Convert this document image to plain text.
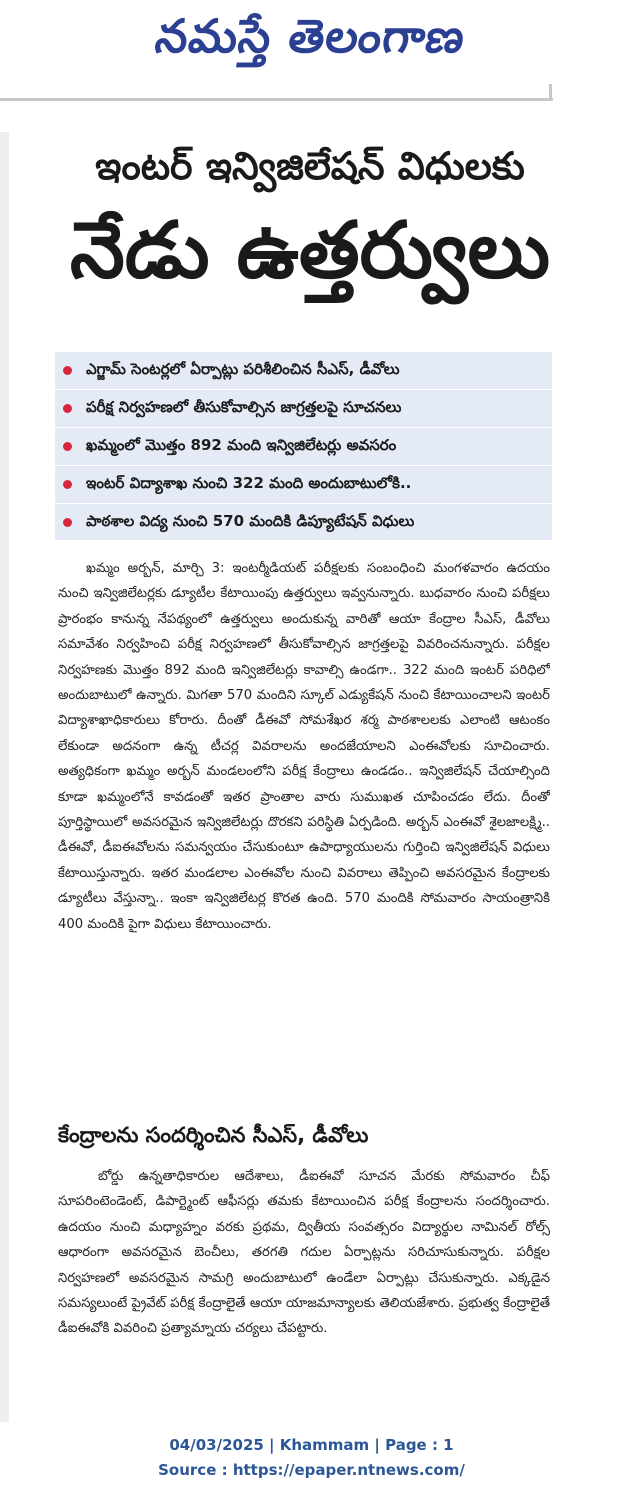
నమస్తే తెలంగాణ
ఇంటర్ ఇన్విజిలేషన్ విధులకు
నేడు ఉత్తర్వులు
ఎగ్జామ్ సెంటర్లలో ఏర్పాట్లు పరిశీలించిన సీఎస్, డీవోలు
పరీక్ష నిర్వహణలో తీసుకోవాల్సిన జాగ్రత్తలపై సూచనలు
ఖమ్మంలో మొత్తం 892 మంది ఇన్విజిలేటర్లు అవసరం
ఇంటర్ విద్యాశాఖ నుంచి 322 మంది అందుబాటులోకి..
పాఠశాల విద్య నుంచి 570 మందికి డిప్యూటేషన్ విధులు
ఖమ్మం అర్బన్, మార్చి 3: ఇంటర్మీడియట్ పరీక్షలకు సంబంధించి మంగళవారం ఉదయం నుంచి ఇన్విజిలేటర్లకు డ్యూటీల కేటాయింపు ఉత్తర్వులు ఇవ్వనున్నారు. బుధవారం నుంచి పరీక్షలు ప్రారంభం కానున్న నేపథ్యంలో ఉత్తర్వులు అందుకున్న వారితో ఆయా కేంద్రాల సీఎస్, డీవోలు సమావేశం నిర్వహించి పరీక్ష నిర్వహణలో తీసుకోవాల్సిన జాగ్రత్తలపై వివరించనున్నారు. పరీక్షల నిర్వహణకు మొత్తం 892 మంది ఇన్విజిలేటర్లు కావాల్సి ఉండగా.. 322 మంది ఇంటర్ పరిధిలో అందుబాటులో ఉన్నారు. మిగతా 570 మందిని స్కూల్ ఎడ్యుకేషన్ నుంచి కేటాయించాలని ఇంటర్ విద్యాశాఖాధికారులు కోరారు. దీంతో డీఈవో సోమశేఖర శర్మ పాఠశాలలకు ఎలాంటి ఆటంకం లేకుండా అదనంగా ఉన్న టీచర్ల వివరాలను అందజేయాలని ఎంఈవోలకు సూచించారు. అత్యధికంగా ఖమ్మం అర్బన్ మండలంలోని పరీక్ష కేంద్రాలు ఉండడం.. ఇన్విజిలేషన్ చేయాల్సింది కూడా ఖమ్మంలోనే కావడంతో ఇతర ప్రాంతాల వారు సుముఖత చూపించడం లేదు. దీంతో పూర్తిస్థాయిలో అవసరమైన ఇన్విజిలేటర్లు దొరకని పరిస్థితి ఏర్పడింది. అర్బన్ ఎంఈవో శైలజాలక్ష్మి.. డీఈవో, డీఐఈవోలను సమన్వయం చేసుకుంటూ ఉపాధ్యాయులను గుర్తించి ఇన్విజిలేషన్ విధులు కేటాయిస్తున్నారు. ఇతర మండలాల ఎంఈవోల నుంచి వివరాలు తెప్పించి అవసరమైన కేంద్రాలకు డ్యూటీలు వేస్తున్నా.. ఇంకా ఇన్విజిలేటర్ల కొరత ఉంది. 570 మందికి సోమవారం సాయంత్రానికి 400 మందికి పైగా విధులు కేటాయించారు.
కేంద్రాలను సందర్శించిన సీఎస్, డీవోలు
బోర్డు ఉన్నతాధికారుల ఆదేశాలు, డీఐఈవో సూచన మేరకు సోమవారం చీఫ్ సూపరింటెండెంట్, డిపార్ట్మెంట్ ఆఫీసర్లు తమకు కేటాయించిన పరీక్ష కేంద్రాలను సందర్శించారు. ఉదయం నుంచి మధ్యాహ్నం వరకు ప్రథమ, ద్వితీయ సంవత్సరం విద్యార్థుల నామినల్ రోల్స్ ఆధారంగా అవసరమైన బెంచీలు, తరగతి గదుల ఏర్పాట్లను సరిచూసుకున్నారు. పరీక్షల నిర్వహణలో అవసరమైన సామగ్రి అందుబాటులో ఉండేలా ఏర్పాట్లు చేసుకున్నారు. ఎక్కడైన సమస్యలుంటే ప్రైవేట్ పరీక్ష కేంద్రాలైతే ఆయా యాజమాన్యాలకు తెలియజేశారు. ప్రభుత్వ కేంద్రాలైతే డీఐఈవోకి వివరించి ప్రత్యామ్నాయ చర్యలు చేపట్టారు.
04/03/2025 | Khammam | Page : 1
Source : https://epaper.ntnews.com/
